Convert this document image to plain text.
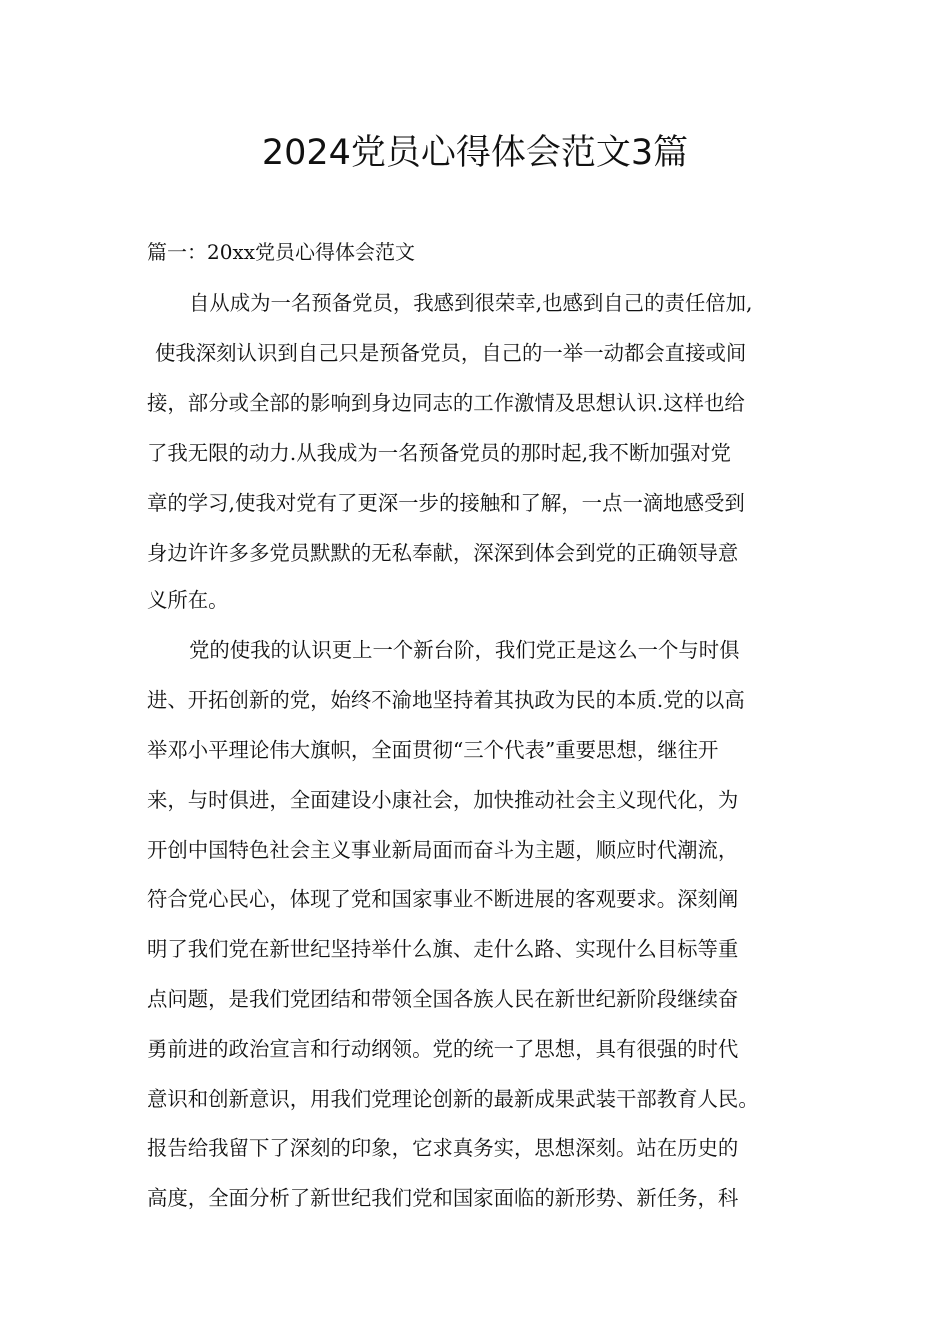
2024党员心得体会范文3篇
篇一：20xx党员心得体会范文
自从成为一名预备党员，我感到很荣幸,也感到自己的责任倍加,
使我深刻认识到自己只是预备党员，自己的一举一动都会直接或间
接，部分或全部的影响到身边同志的工作激情及思想认识.这样也给
了我无限的动力.从我成为一名预备党员的那时起,我不断加强对党
章的学习,使我对党有了更深一步的接触和了解，一点一滴地感受到
身边许许多多党员默默的无私奉献，深深到体会到党的正确领导意
义所在。
党的使我的认识更上一个新台阶，我们党正是这么一个与时俱
进、开拓创新的党，始终不渝地坚持着其执政为民的本质.党的以高
举邓小平理论伟大旗帜，全面贯彻“三个代表”重要思想，继往开
来，与时俱进，全面建设小康社会，加快推动社会主义现代化，为
开创中国特色社会主义事业新局面而奋斗为主题，顺应时代潮流，
符合党心民心，体现了党和国家事业不断进展的客观要求。深刻阐
明了我们党在新世纪坚持举什么旗、走什么路、实现什么目标等重
点问题，是我们党团结和带领全国各族人民在新世纪新阶段继续奋
勇前进的政治宣言和行动纲领。党的统一了思想，具有很强的时代
意识和创新意识，用我们党理论创新的最新成果武装干部教育人民。
报告给我留下了深刻的印象，它求真务实，思想深刻。站在历史的
高度，全面分析了新世纪我们党和国家面临的新形势、新任务，科
